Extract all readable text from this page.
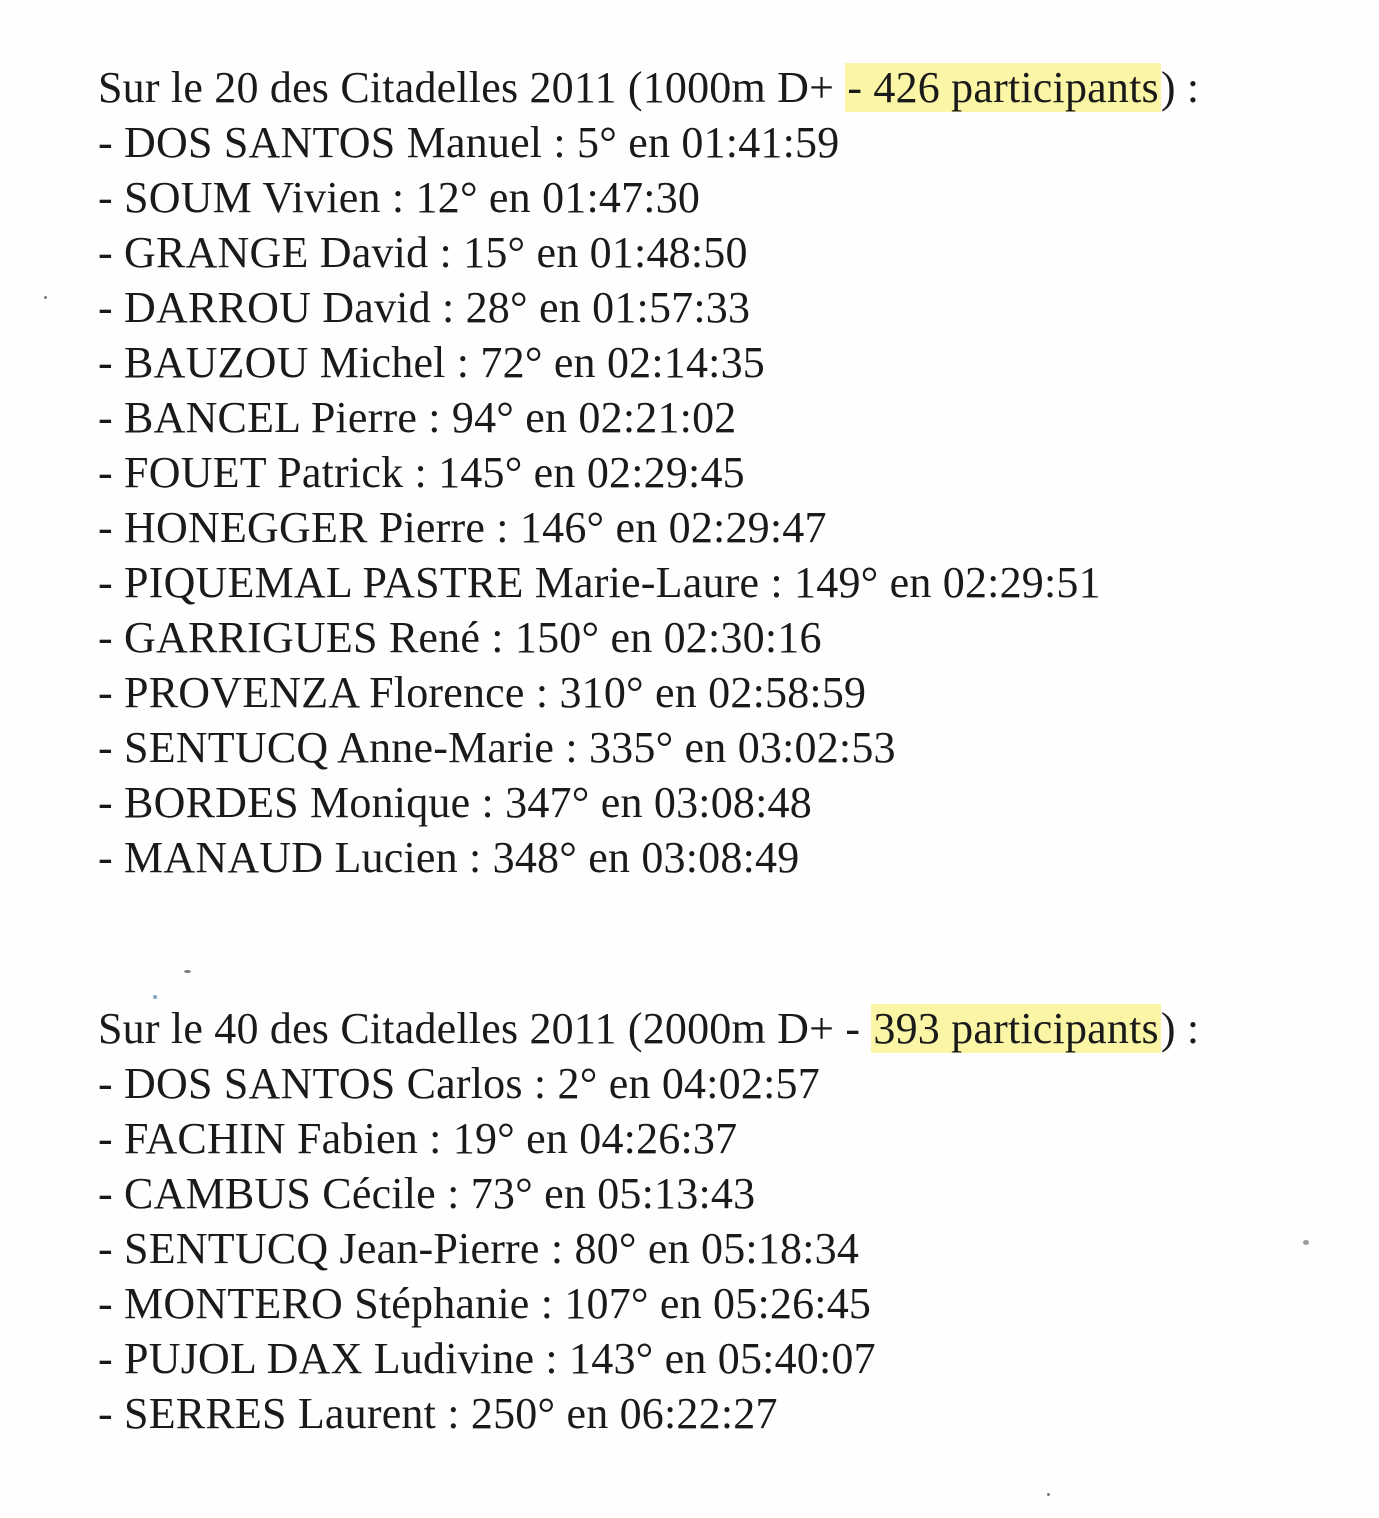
Sur le 20 des Citadelles 2011 (1000m D+ - 426 participants) :
- DOS SANTOS Manuel : 5° en 01:41:59
- SOUM Vivien : 12° en 01:47:30
- GRANGE David : 15° en 01:48:50
- DARROU David : 28° en 01:57:33
- BAUZOU Michel : 72° en 02:14:35
- BANCEL Pierre : 94° en 02:21:02
- FOUET Patrick : 145° en 02:29:45
- HONEGGER Pierre : 146° en 02:29:47
- PIQUEMAL PASTRE Marie-Laure : 149° en 02:29:51
- GARRIGUES René : 150° en 02:30:16
- PROVENZA Florence : 310° en 02:58:59
- SENTUCQ Anne-Marie : 335° en 03:02:53
- BORDES Monique : 347° en 03:08:48
- MANAUD Lucien : 348° en 03:08:49
Sur le 40 des Citadelles 2011 (2000m D+ - 393 participants) :
- DOS SANTOS Carlos : 2° en 04:02:57
- FACHIN Fabien : 19° en 04:26:37
- CAMBUS Cécile : 73° en 05:13:43
- SENTUCQ Jean-Pierre : 80° en 05:18:34
- MONTERO Stéphanie : 107° en 05:26:45
- PUJOL DAX Ludivine : 143° en 05:40:07
- SERRES Laurent : 250° en 06:22:27
